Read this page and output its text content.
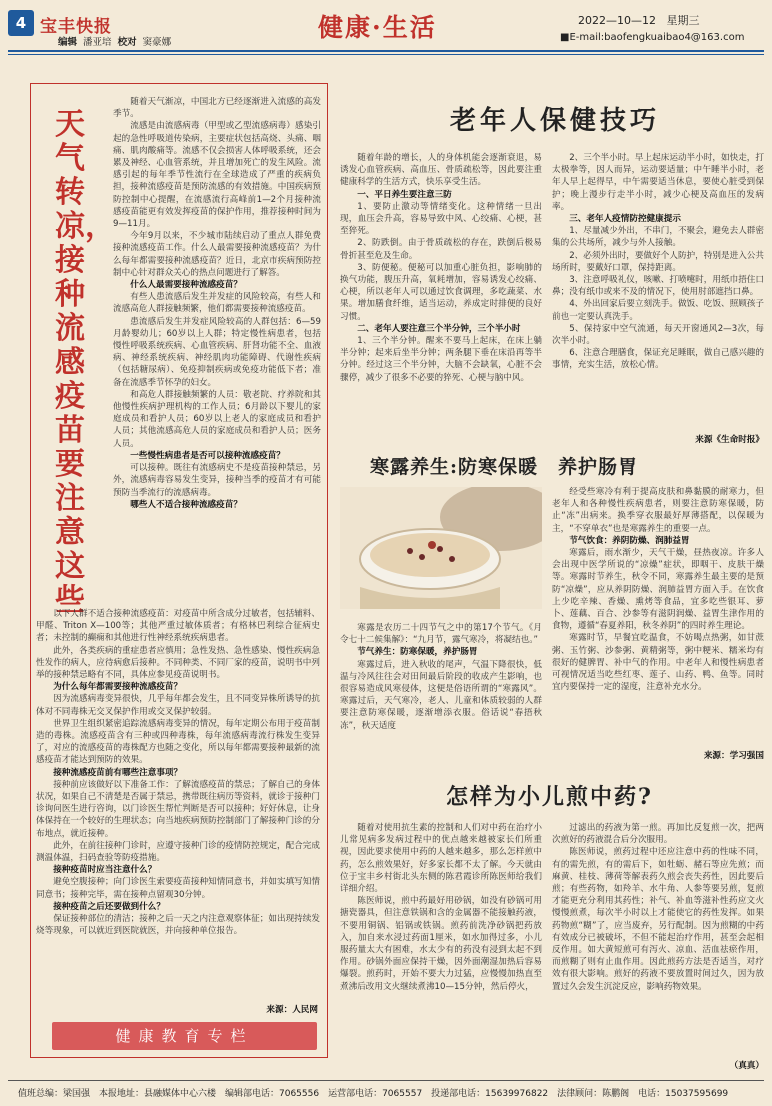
4 宝丰快报
编辑 潘亚培 校对 窦豪娜
健康·生活	2022—10—12 星期三
■E-mail:baofengkuaibao4@163.com
天气转凉，接种流感疫苗要注意这些

随着天气渐凉，中国北方已经逐渐进入流感的高发季节。

流感是由流感病毒（甲型或乙型流感病毒）感染引起的急性呼吸道传染病，主要症状包括高烧、头痛、咽痛、肌肉酸痛等。流感不仅会损害人体呼吸系统，还会累及神经、心血管系统，并且增加死亡的发生风险。流感引起的每年季节性流行在全球造成了严重的疾病负担，接种流感疫苗是预防流感的有效措施。中国疾病预防控制中心提醒，在流感流行高峰前1—2个月接种流感疫苗能更有效发挥疫苗的保护作用，推荐接种时间为9—11月。

今年9月以来，不少城市陆续启动了重点人群免费接种流感疫苗工作。什么人最需要接种流感疫苗？为什么每年都需要接种流感疫苗？近日，北京市疾病预防控制中心针对群众关心的热点问题进行了解答。

什么人最需要接种流感疫苗？

有些人患流感后发生并发症的风险较高，有些人和流感高危人群接触频繁，他们都需要接种流感疫苗。

患流感后发生并发症风险较高的人群包括：6—59月龄婴幼儿；60岁以上人群；特定慢性病患者，包括慢性呼吸系统疾病、心血管疾病、肝肾功能不全、血液病、神经系统疾病、神经肌肉功能障碍、代谢性疾病（包括糖尿病）、免疫抑制疾病或免疫功能低下者；准备在流感季节怀孕的妇女。

和高危人群接触频繁的人员：敬老院、疗养院和其他慢性疾病护理机构的工作人员；6月龄以下婴儿的家庭成员和看护人员；60岁以上老人的家庭成员和看护人员；其他流感高危人员的家庭成员和看护人员；医务人员。

一些慢性病患者是否可以接种流感疫苗？

可以接种。既往有流感病史不是疫苗接种禁忌，另外，流感病毒容易发生变异，接种当季的疫苗才有可能预防当季流行的流感病毒。

哪些人不适合接种流感疫苗？

以下人群不适合接种流感疫苗：对疫苗中所含成分过敏者，包括辅料、甲醛、Triton X—100等；其他严重过敏体质者；有格林巴利综合征病史者；未控制的癫痫和其他进行性神经系统疾病患者。

此外，各类疾病的重症患者应慎用；急性发热、急性感染、慢性疾病急性发作的病人，应待病愈后接种。不同种类、不同厂家的疫苗，说明书中列举的接种禁忌略有不同，具体应参见疫苗说明书。

为什么每年都需要接种流感疫苗？

因为流感病毒变异很快，几乎每年都会发生，且不同变异株所诱导的抗体对不同毒株无交叉保护作用或交叉保护较弱。

世界卫生组织紧密追踪流感病毒变异的情况，每年定期公布用于疫苗制造的毒株。流感疫苗含有三种或四种毒株，每年流感病毒流行株发生变异了，对应的流感疫苗的毒株配方也随之变化，所以每年都需要接种最新的流感疫苗才能达到预防的效果。

接种流感疫苗前有哪些注意事项？

接种前应该做好以下准备工作：了解流感疫苗的禁忌；了解自己的身体状况，如果自己不清楚是否属于禁忌，携带既往病历等资料，就诊于接种门诊询问医生进行咨询，以门诊医生帮忙判断是否可以接种；好好休息，让身体保持在一个较好的生理状态；向当地疾病预防控制部门了解接种门诊的分布地点，就近接种。

此外，在前往接种门诊时，应遵守接种门诊的疫情防控规定，配合完成测温体温，扫码查验等防疫措施。

接种疫苗时应当注意什么？

避免空腹接种；向门诊医生索要疫苗接种知情同意书，并如实填写知情同意书；接种完毕，需在接种点留观30分钟。

接种疫苗之后还要做到什么？

保证接种部位的清洁；接种之后一天之内注意观察体征；如出现持续发烧等现象，可以就近到医院就医，并向接种单位报告。

来源：人民网
健康教育专栏
老年人保健技巧

随着年龄的增长，人的身体机能会逐渐衰退，易诱发心血管疾病、高血压、骨质疏松等，因此要注重健康科学的生活方式，快乐享受生活。

一、平日养生要注意三防

1、要防止激动等情绪变化。这种情绪一旦出现，血压会升高，容易导致中风、心绞痛、心梗，甚至猝死。

2、防跌倒。由于骨质疏松的存在，跌倒后极易骨折甚至危及生命。

3、防便秘。便秘可以加重心脏负担，影响肺的换气功能，腹压升高，氧耗增加，容易诱发心绞痛、心梗，所以老年人可以通过饮食调理，多吃蔬菜、水果。增加膳食纤维，适当运动，养成定时排便的良好习惯。

二、老年人要注意三个半分钟，三个半小时

1、三个半分钟。醒来不要马上起床，在床上躺半分钟；起来后坐半分钟；两条腿下垂在床沿再等半分钟。经过这三个半分钟，大脑不会缺氧，心脏不会骤停，减少了很多不必要的猝死、心梗与脑中风。

2、三个半小时。早上起床运动半小时，如快走，打太极拳等，因人而异，运动要适量；中午睡半小时，老年人早上起得早，中午需要适当休息，要使心脏受到保护；晚上漫步行走半小时，减少心梗及高血压的发病率。

三、老年人疫情防控健康提示

1、尽量减少外出，不串门，不聚会，避免去人群密集的公共场所，减少与外人接触。

2、必须外出时，要做好个人防护，特别是进入公共场所时，要戴好口罩，保持距离。

3、注意呼吸礼仪，咳嗽、打喷嚏时，用纸巾捂住口鼻；没有纸巾或来不及的情况下，使用肘部遮挡口鼻。

4、外出回家后要立刻洗手。做饭、吃饭、照顾孩子前也一定要认真洗手。

5、保持家中空气流通，每天开窗通风2—3次，每次半小时。

6、注意合理膳食，保证充足睡眠，做自己感兴趣的事情，充实生活，放松心情。

来源《生命时报》
寒露养生:防寒保暖　养护肠胃

寒露是农历二十四节气之中的第17个节气。《月令七十二候集解》：“九月节，露气寒冷，将凝结也。”

节气养生：防寒保暖，养护肠胃

寒露过后，进入秋收的尾声，气温下降很快，低温与冷风往往会对田间最后阶段的收成产生影响，也很容易造成风寒侵体，这便是俗语所谓的“寒露风”。寒露过后，天气寒冷，老人、儿童和体质较弱的人群要注意防寒保暖，逐渐增添衣服。俗话说“春捂秋冻”，秋天适度

经受些寒冷有利于提高皮肤和鼻黏膜的耐寒力，但老年人和各种慢性疾病患者，则要注意防寒保暖，防止“冻”出病来。换季穿衣服最好厚薄搭配，以保暖为主，“不穿单衣”也是寒露养生的重要一点。

节气饮食：养阴防燥、润肺益胃

寒露后，雨水渐少，天气干燥，昼热夜凉。许多人会出现中医学所说的“凉燥”症状，即咽干、皮肤干燥等。寒露时节养生，秋令不同，寒露养生最主要的是预防“凉燥”，应从养阴防燥、润肺益胃方面入手。在饮食上少吃辛辣、香燥、熏烤等食品，宜多吃些银耳、萝卜、莲藕、百合、沙参等有滋阴润燥、益胃生津作用的食物，遵循“春夏养阳，秋冬养阴”的四时养生理论。

寒露时节，早餐宜吃温食，不妨喝点热粥，如甘蔗粥、玉竹粥、沙参粥、黄精粥等，粥中粳米、糯米均有很好的健脾胃、补中气的作用。中老年人和慢性病患者可视情况适当吃些红枣、莲子、山药、鸭、鱼等。同时宜内要保持一定的湿度，注意补充水分。

来源：学习强国
怎样为小儿煎中药?

随着对使用抗生素的控制和人们对中药在治疗小儿常见病多发病过程中的优点越来越被家长们所重视，因此要求使用中药的人越来越多，那么怎样煎中药，怎么煎效果好，好多家长都不太了解。今天就由位于宝丰乡村街北头东侧的陈君霞诊所陈医师给我们详细介绍。

陈医师说，煎中药最好用砂锅，如没有砂锅可用搪瓷器具，但注意铁锅和含的金属器不能接触药液，不要用铜锅、铝锅或铁锅。煎药前洗净砂锅把药放入，加自来水浸过药面1厘米，如水加得过多，小儿服药量太大有困难，水太少有的药没有浸到太起不到作用。砂锅外面应保持干燥，因外面潮湿加热后容易爆裂。煎药时，开始不要大力过猛，应慢慢加热直至煮沸后改用文火继续煮沸10—15分钟，然后停火，

过滤出的药液为第一煎。再加比反复煎一次，把两次煎好的药液混合后分次服用。

陈医师说，煎药过程中还应注意中药的性味不同，有的需先煎，有的需后下，如牡蛎、赭石等应先煎；而麻黄、桂枝、薄荷等解表药久煎会丧失药性，因此要后煎；有些药物，如羚羊、水牛角、人参等要另煎，复煎才能更充分利用其药性；补气、补血等滋补性药应文火慢慢煎煮，每次半小时以上才能使它的药性发挥。如果药物煎“糊”了，应当废弃，另行配制。因为煎糊的中药有效成分已被破坏，不但不能起治疗作用，甚至会起相反作用。如大黄短煎可有泻火、凉血、活血祛瘀作用，而煎糊了则有止血作用。因此煎药方法是否适当，对疗效有很大影响。煎好的药液不要放置时间过久，因为放置过久会发生沉淀反应，影响药物效果。

（真真）
值班总编：梁国强　本报地址：县融媒体中心六楼　编辑部电话：7065556　运营部电话：7065557　投递部电话：15639976822　法律顾问：陈鹏阁　电话：15037595699
